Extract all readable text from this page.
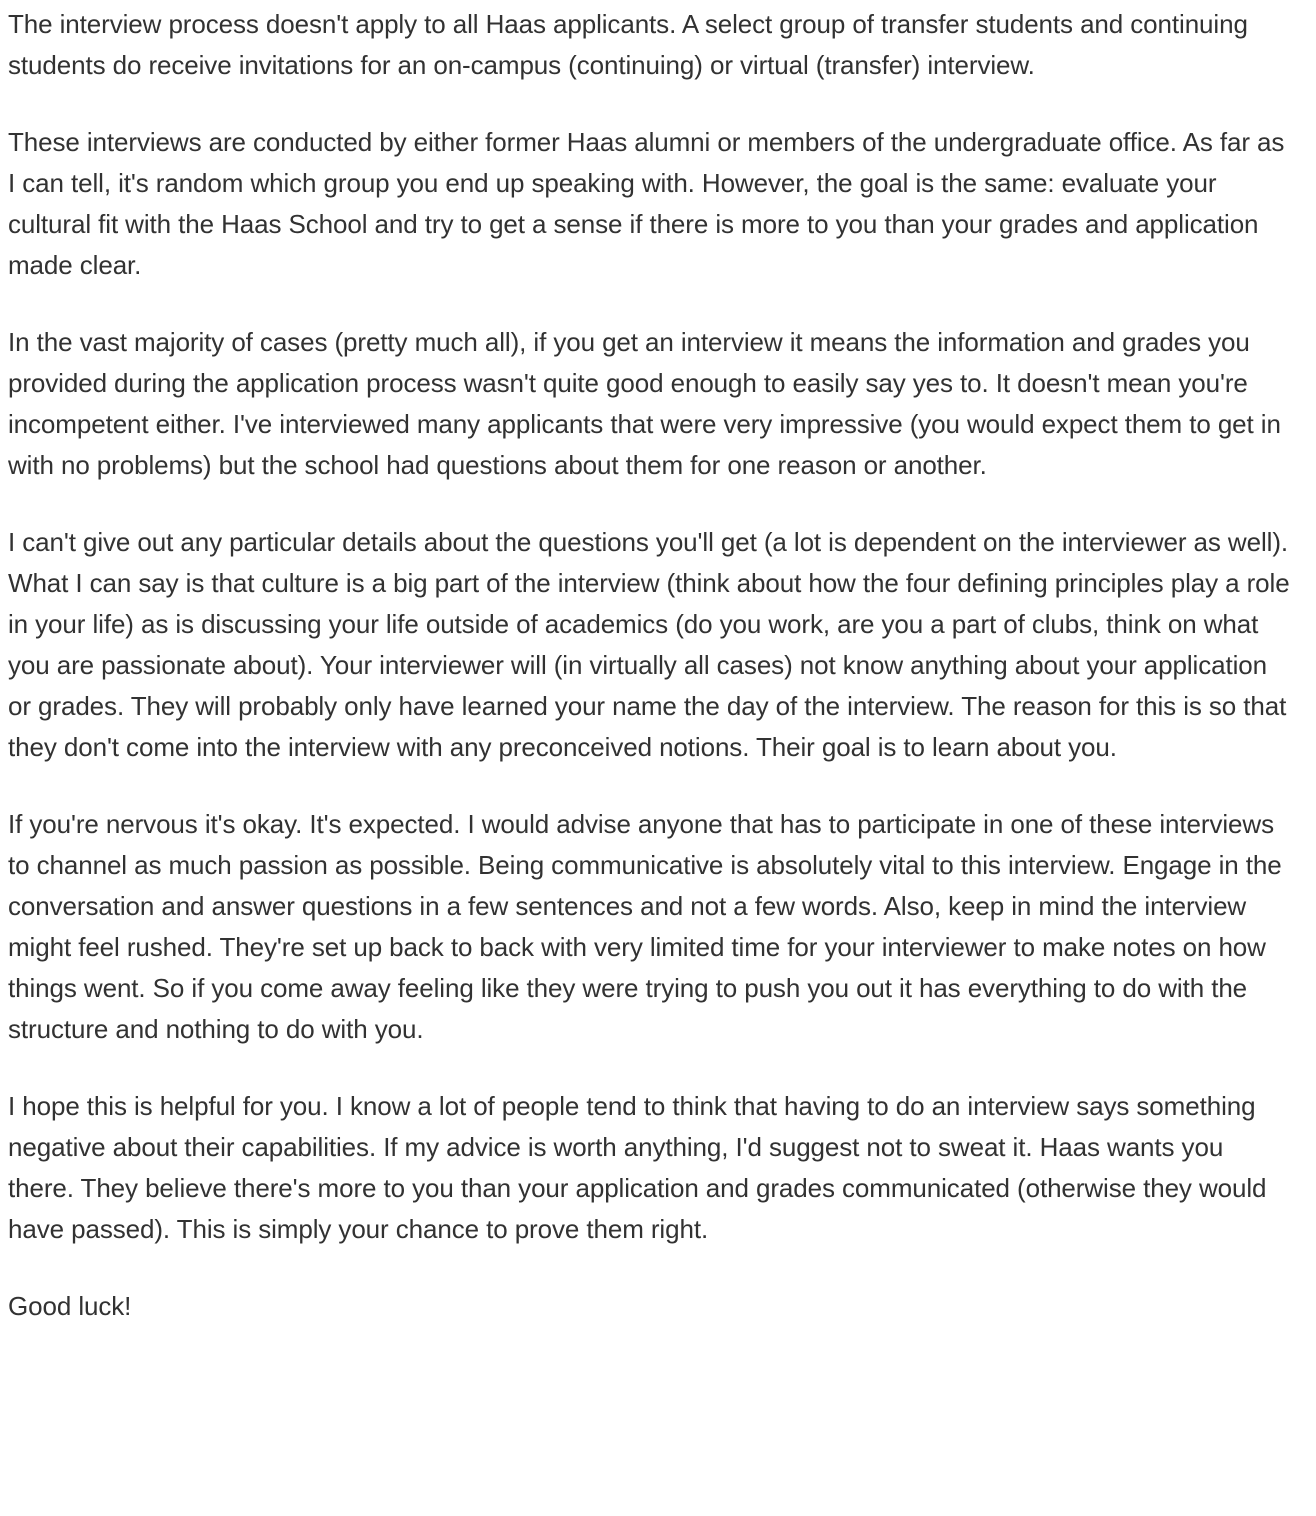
The interview process doesn't apply to all Haas applicants. A select group of transfer students and continuing students do receive invitations for an on-campus (continuing) or virtual (transfer) interview.

These interviews are conducted by either former Haas alumni or members of the undergraduate office. As far as I can tell, it's random which group you end up speaking with. However, the goal is the same: evaluate your cultural fit with the Haas School and try to get a sense if there is more to you than your grades and application made clear.

In the vast majority of cases (pretty much all), if you get an interview it means the information and grades you provided during the application process wasn't quite good enough to easily say yes to. It doesn't mean you're incompetent either. I've interviewed many applicants that were very impressive (you would expect them to get in with no problems) but the school had questions about them for one reason or another.

I can't give out any particular details about the questions you'll get (a lot is dependent on the interviewer as well). What I can say is that culture is a big part of the interview (think about how the four defining principles play a role in your life) as is discussing your life outside of academics (do you work, are you a part of clubs, think on what you are passionate about). Your interviewer will (in virtually all cases) not know anything about your application or grades. They will probably only have learned your name the day of the interview. The reason for this is so that they don't come into the interview with any preconceived notions. Their goal is to learn about you.

If you're nervous it's okay. It's expected. I would advise anyone that has to participate in one of these interviews to channel as much passion as possible. Being communicative is absolutely vital to this interview. Engage in the conversation and answer questions in a few sentences and not a few words. Also, keep in mind the interview might feel rushed. They're set up back to back with very limited time for your interviewer to make notes on how things went. So if you come away feeling like they were trying to push you out it has everything to do with the structure and nothing to do with you.

I hope this is helpful for you. I know a lot of people tend to think that having to do an interview says something negative about their capabilities. If my advice is worth anything, I'd suggest not to sweat it. Haas wants you there. They believe there's more to you than your application and grades communicated (otherwise they would have passed). This is simply your chance to prove them right.

Good luck!
